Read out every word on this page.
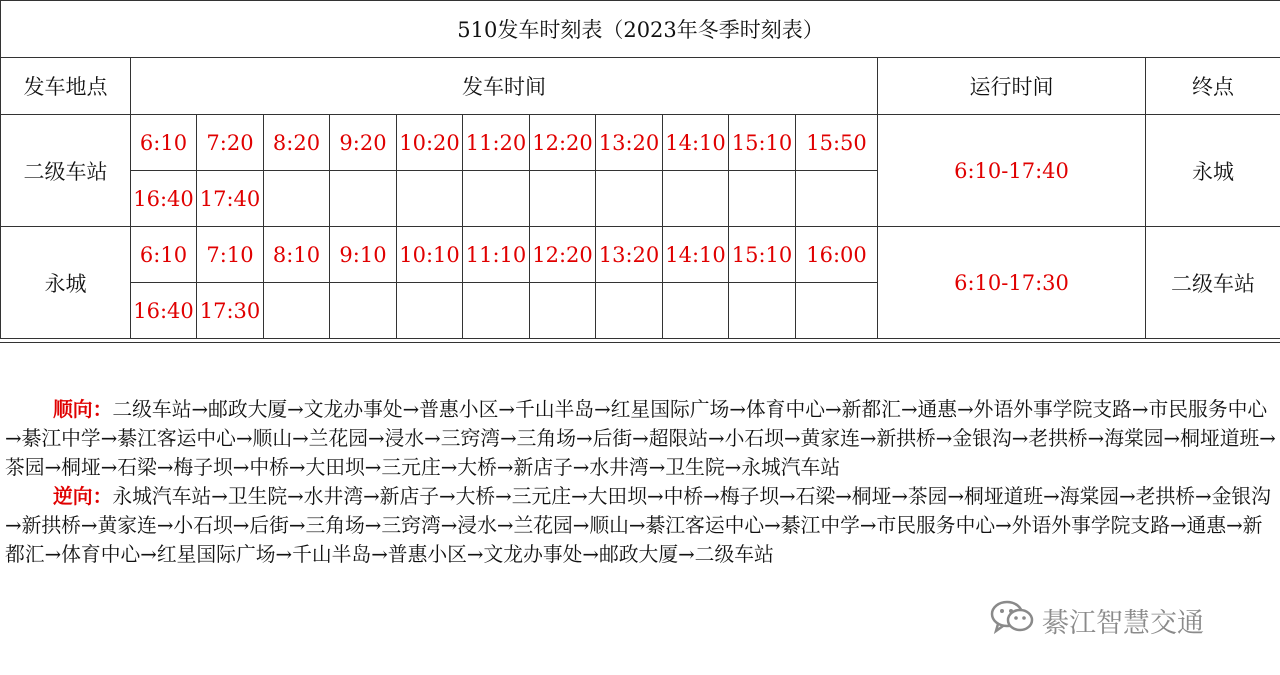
510发车时刻表（2023年冬季时刻表）													
发车地点	发车时间											运行时间	终点
二级车站	6:10	7:20	8:20	9:20	10:20	11:20	12:20	13:20	14:10	15:10	15:50	6:10-17:40	永城
	16:40	17:40											
永城	6:10	7:10	8:10	9:10	10:10	11:10	12:20	13:20	14:10	15:10	16:00	6:10-17:30	二级车站
	16:40	17:30											

顺向：二级车站→邮政大厦→文龙办事处→普惠小区→千山半岛→红星国际广场→体育中心→新都汇→通惠→外语外事学院支路→市民服务中心→綦江中学→綦江客运中心→顺山→兰花园→浸水→三窍湾→三角场→后街→超限站→小石坝→黄家连→新拱桥→金银沟→老拱桥→海棠园→桐垭道班→茶园→桐垭→石梁→梅子坝→中桥→大田坝→三元庄→大桥→新店子→水井湾→卫生院→永城汽车站

逆向：永城汽车站→卫生院→水井湾→新店子→大桥→三元庄→大田坝→中桥→梅子坝→石梁→桐垭→茶园→桐垭道班→海棠园→老拱桥→金银沟→新拱桥→黄家连→小石坝→后街→三角场→三窍湾→浸水→兰花园→顺山→綦江客运中心→綦江中学→市民服务中心→外语外事学院支路→通惠→新都汇→体育中心→红星国际广场→千山半岛→普惠小区→文龙办事处→邮政大厦→二级车站

綦江智慧交通
